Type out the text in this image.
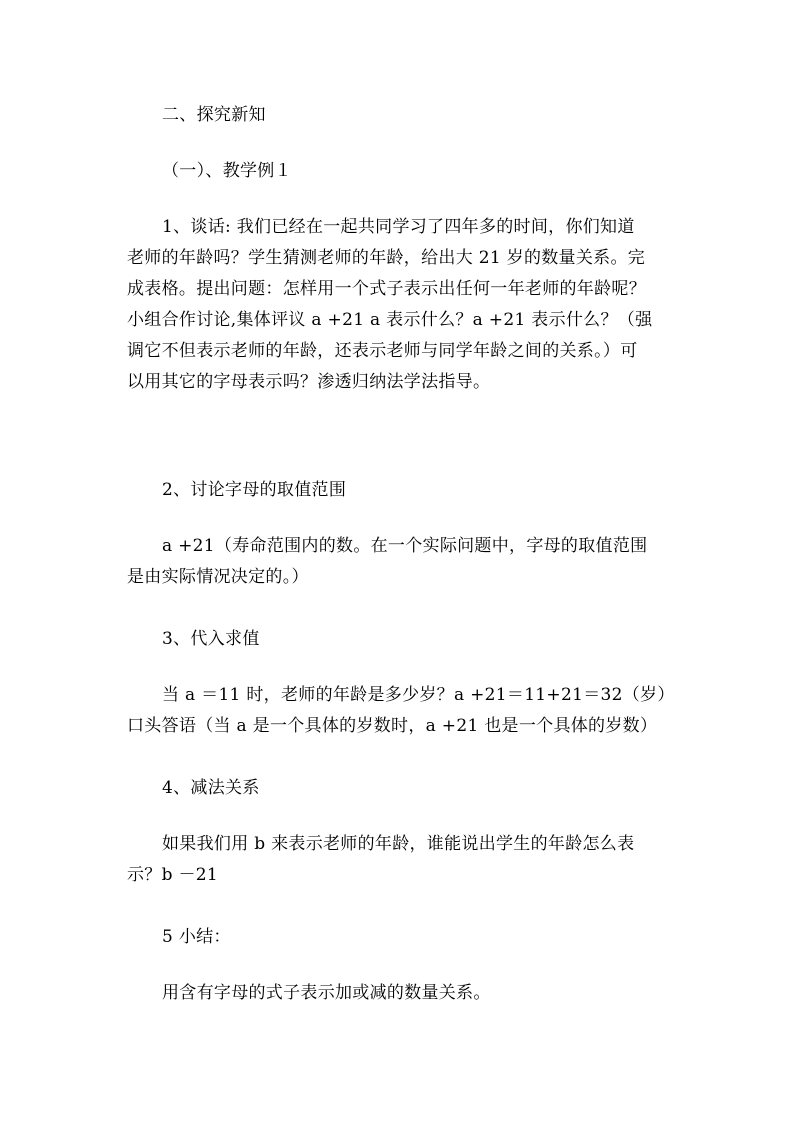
二、探究新知

（一）、教学例１

1、谈话: 我们已经在一起共同学习了四年多的时间，你们知道
老师的年龄吗？学生猜测老师的年龄，给出大 21 岁的数量关系。完
成表格。提出问题：怎样用一个式子表示出任何一年老师的年龄呢？
小组合作讨论,集体评议 a +21 a 表示什么？a +21 表示什么？（强
调它不但表示老师的年龄，还表示老师与同学年龄之间的关系。）可
以用其它的字母表示吗？渗透归纳法学法指导。

2、讨论字母的取值范围

a +21（寿命范围内的数。在一个实际问题中，字母的取值范围
是由实际情况决定的。）

3、代入求值

当 a ＝11 时，老师的年龄是多少岁？a +21＝11+21＝32（岁）
口头答语（当 a 是一个具体的岁数时，a +21 也是一个具体的岁数）

4、减法关系

如果我们用 b 来表示老师的年龄，谁能说出学生的年龄怎么表
示？b －21

5 小结：

用含有字母的式子表示加或减的数量关系。
